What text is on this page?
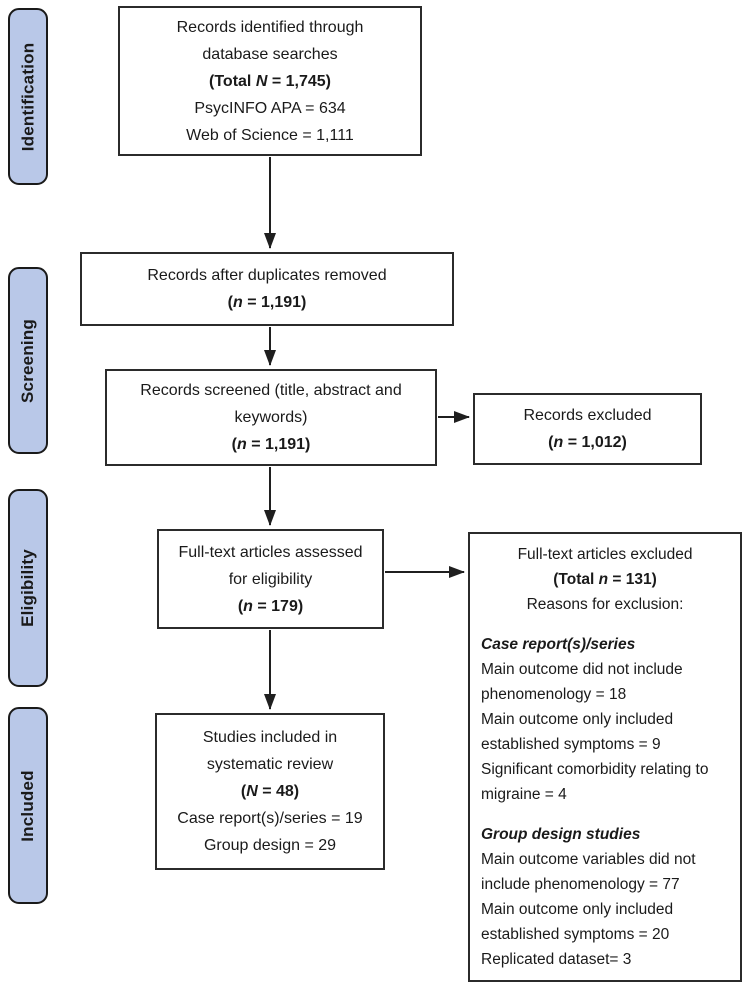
Identification
Screening
Eligibility
Included
Records identified through
database searches
(Total N = 1,745)
PsycINFO APA = 634
Web of Science = 1,111
Records after duplicates removed
(n = 1,191)
Records screened (title, abstract and
keywords)
(n = 1,191)
Records excluded
(n = 1,012)
Full-text articles assessed
for eligibility
(n = 179)
Studies included in
systematic review
(N = 48)
Case report(s)/series = 19
Group design = 29
Full-text articles excluded
(Total n = 131)
Reasons for exclusion:
Case report(s)/series
Main outcome did not include phenomenology = 18
Main outcome only included established symptoms = 9
Significant comorbidity relating to migraine = 4
Group design studies
Main outcome variables did not include phenomenology = 77
Main outcome only included established symptoms = 20
Replicated dataset= 3
